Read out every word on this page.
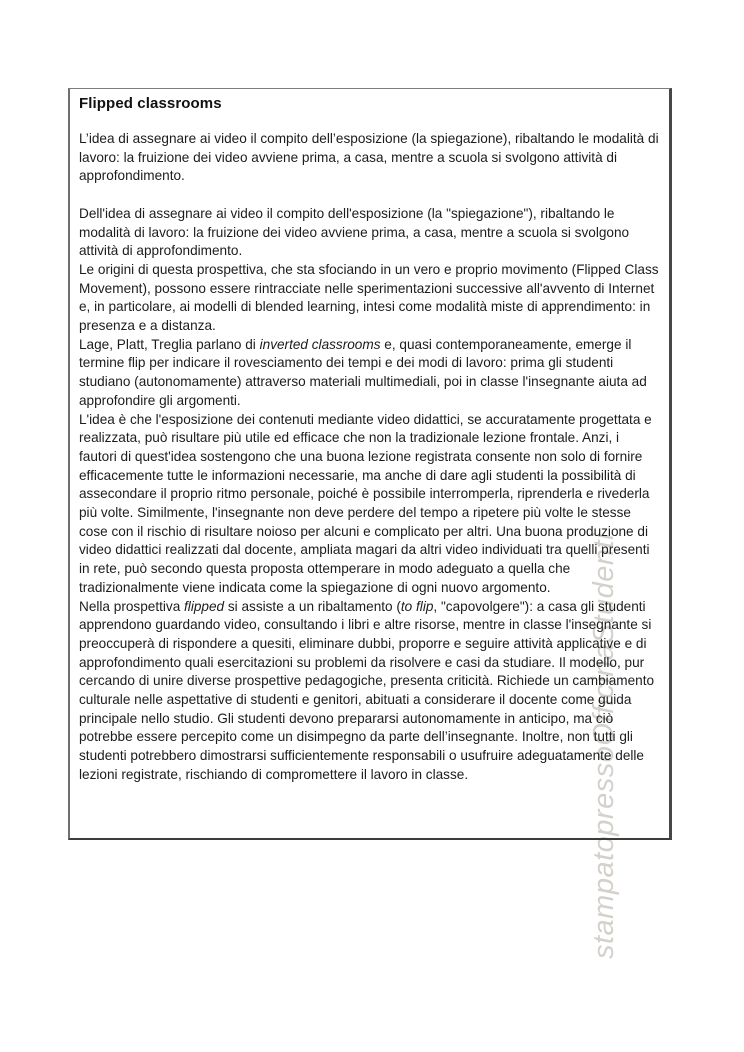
stampatopressoOfficinaStudenti
Flipped classrooms

L’idea di assegnare ai video il compito dell’esposizione (la spiegazione), ribaltando le modalità di lavoro: la fruizione dei video avviene prima, a casa, mentre a scuola si svolgono attività di approfondimento.

Dell'idea di assegnare ai video il compito dell'esposizione (la "spiegazione"), ribaltando le modalità di lavoro: la fruizione dei video avviene prima, a casa, mentre a scuola si svolgono attività di approfondimento.

Le origini di questa prospettiva, che sta sfociando in un vero e proprio movimento (Flipped Class Movement), possono essere rintracciate nelle sperimentazioni successive all'avvento di Internet e, in particolare, ai modelli di blended learning, intesi come modalità miste di apprendimento: in presenza e a distanza.

Lage, Platt, Treglia parlano di inverted classrooms e, quasi contemporaneamente, emerge il termine flip per indicare il rovesciamento dei tempi e dei modi di lavoro: prima gli studenti studiano (autonomamente) attraverso materiali multimediali, poi in classe l'insegnante aiuta ad approfondire gli argomenti.

L'idea è che l'esposizione dei contenuti mediante video didattici, se accuratamente progettata e realizzata, può risultare più utile ed efficace che non la tradizionale lezione frontale. Anzi, i fautori di quest'idea sostengono che una buona lezione registrata consente non solo di fornire efficacemente tutte le informazioni necessarie, ma anche di dare agli studenti la possibilità di assecondare il proprio ritmo personale, poiché è possibile interromperla, riprenderla e rivederla più volte. Similmente, l'insegnante non deve perdere del tempo a ripetere più volte le stesse cose con il rischio di risultare noioso per alcuni e complicato per altri. Una buona produzione di video didattici realizzati dal docente, ampliata magari da altri video individuati tra quelli presenti in rete, può secondo questa proposta ottemperare in modo adeguato a quella che tradizionalmente viene indicata come la spiegazione di ogni nuovo argomento.

Nella prospettiva flipped si assiste a un ribaltamento (to flip, "capovolgere"): a casa gli studenti apprendono guardando video, consultando i libri e altre risorse, mentre in classe l'insegnante si preoccuperà di rispondere a quesiti, eliminare dubbi, proporre e seguire attività applicative e di approfondimento quali esercitazioni su problemi da risolvere e casi da studiare. Il modello, pur cercando di unire diverse prospettive pedagogiche, presenta criticità. Richiede un cambiamento culturale nelle aspettative di studenti e genitori, abituati a considerare il docente come guida principale nello studio. Gli studenti devono prepararsi autonomamente in anticipo, ma ciò potrebbe essere percepito come un disimpegno da parte dell’insegnante. Inoltre, non tutti gli studenti potrebbero dimostrarsi sufficientemente responsabili o usufruire adeguatamente delle lezioni registrate, rischiando di compromettere il lavoro in classe.
